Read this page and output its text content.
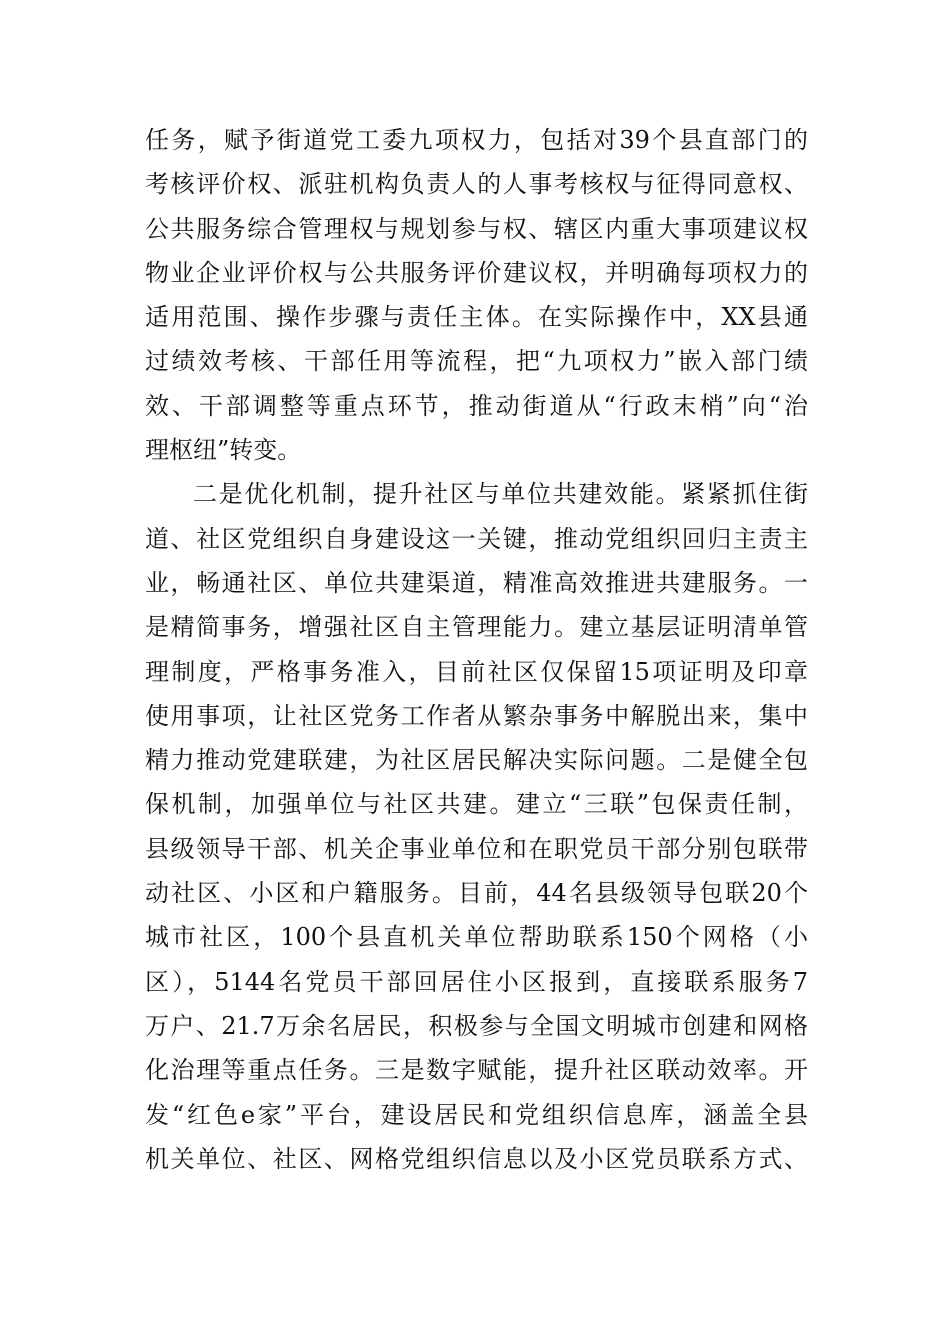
任务，赋予街道党工委九项权力，包括对39个县直部门的
考核评价权、派驻机构负责人的人事考核权与征得同意权、
公共服务综合管理权与规划参与权、辖区内重大事项建议权
物业企业评价权与公共服务评价建议权，并明确每项权力的
适用范围、操作步骤与责任主体。在实际操作中，XX县通
过绩效考核、干部任用等流程，把“九项权力”嵌入部门绩
效、干部调整等重点环节，推动街道从“行政末梢”向“治
理枢纽”转变。
二是优化机制，提升社区与单位共建效能。紧紧抓住街
道、社区党组织自身建设这一关键，推动党组织回归主责主
业，畅通社区、单位共建渠道，精准高效推进共建服务。一
是精简事务，增强社区自主管理能力。建立基层证明清单管
理制度，严格事务准入，目前社区仅保留15项证明及印章
使用事项，让社区党务工作者从繁杂事务中解脱出来，集中
精力推动党建联建，为社区居民解决实际问题。二是健全包
保机制，加强单位与社区共建。建立“三联”包保责任制，
县级领导干部、机关企事业单位和在职党员干部分别包联带
动社区、小区和户籍服务。目前，44名县级领导包联20个
城市社区，100个县直机关单位帮助联系150个网格（小
区），5144名党员干部回居住小区报到，直接联系服务7
万户、21.7万余名居民，积极参与全国文明城市创建和网格
化治理等重点任务。三是数字赋能，提升社区联动效率。开
发“红色e家”平台，建设居民和党组织信息库，涵盖全县
机关单位、社区、网格党组织信息以及小区党员联系方式、
